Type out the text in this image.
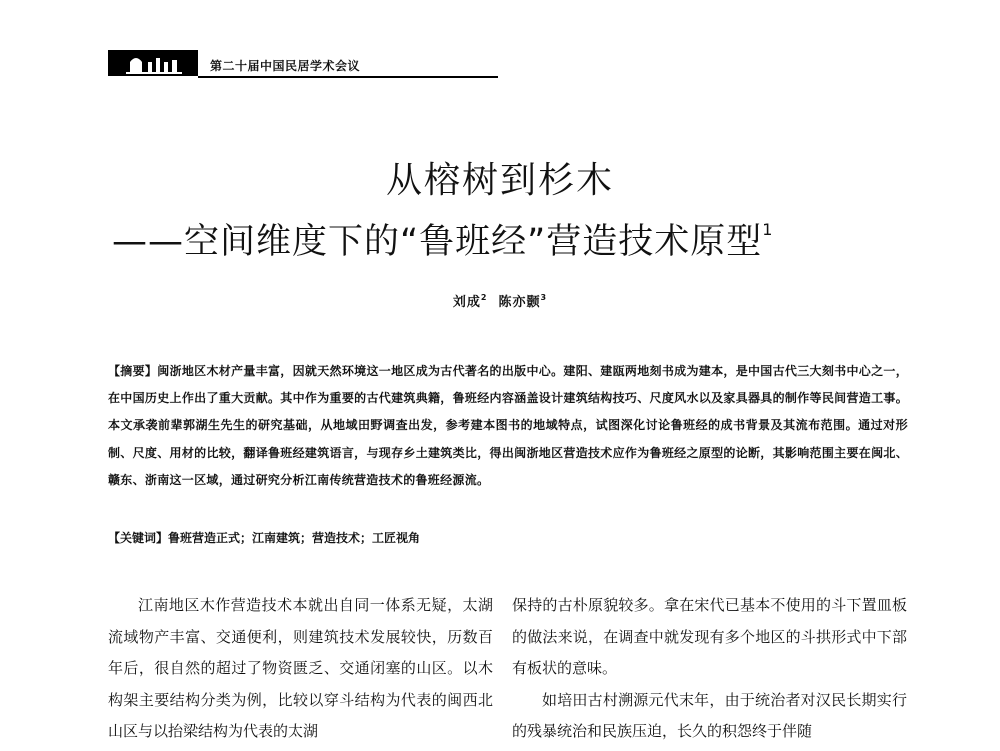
第二十届中国民居学术会议
从榕树到杉木
——空间维度下的“鲁班经”营造技术原型$^1$
刘成$^2$ 陈亦颢$^3$
【摘要】闽浙地区木材产量丰富，因就天然环境这一地区成为古代著名的出版中心。建阳、建瓯两地刻书成为建本，是中国古代三大刻书中心之一，在中国历史上作出了重大贡献。其中作为重要的古代建筑典籍，鲁班经内容涵盖设计建筑结构技巧、尺度风水以及家具器具的制作等民间营造工事。本文承袭前辈郭湖生先生的研究基础，从地域田野调查出发，参考建本图书的地域特点，试图深化讨论鲁班经的成书背景及其流布范围。通过对形制、尺度、用材的比较，翻译鲁班经建筑语言，与现存乡土建筑类比，得出闽浙地区营造技术应作为鲁班经之原型的论断，其影响范围主要在闽北、赣东、浙南这一区域，通过研究分析江南传统营造技术的鲁班经源流。
【关键词】鲁班营造正式；江南建筑；营造技术；工匠视角

江南地区木作营造技术本就出自同一体系无疑，太湖流域物产丰富、交通便利，则建筑技术发展较快，历数百年后，很自然的超过了物资匮乏、交通闭塞的山区。以木构架主要结构分类为例，比较以穿斗结构为代表的闽西北山区与以抬梁结构为代表的太湖

保持的古朴原貌较多。拿在宋代已基本不使用的斗下置皿板的做法来说，在调查中就发现有多个地区的斗拱形式中下部有板状的意味。

如培田古村溯源元代末年，由于统治者对汉民长期实行的残暴统治和民族压迫，长久的积怨终于伴随
